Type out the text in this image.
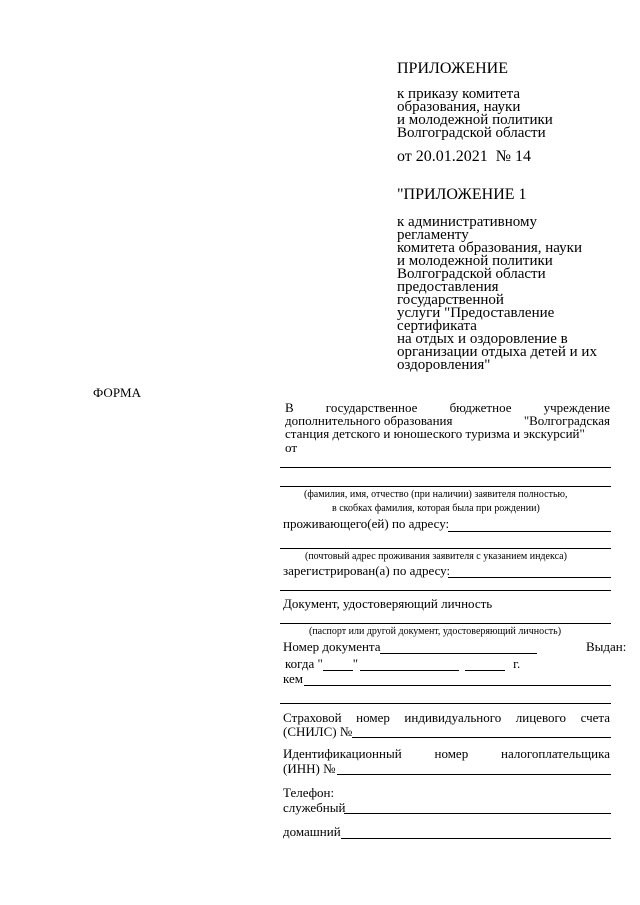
ПРИЛОЖЕНИЕ
к приказу комитета
образования, науки
и молодежной политики
Волгоградской области
от 20.01.2021  № 14
"ПРИЛОЖЕНИЕ 1
к административному
регламенту
комитета образования, науки
и молодежной политики
Волгоградской области
предоставления
государственной
услуги "Предоставление
сертификата
на отдых и оздоровление в
организации отдыха детей и их
оздоровления"
ФОРМА
В государственное бюджетное учреждение
дополнительного образования	"Волгоградская
станция детского и юношеского туризма и экскурсий"
от
(фамилия, имя, отчество (при наличии) заявителя полностью,
в скобках фамилия, которая была при рождении)
проживающего(ей) по адресу:
(почтовый адрес проживания заявителя с указанием индекса)
зарегистрирован(а) по адресу:
Документ, удостоверяющий личность
(паспорт или другой документ, удостоверяющий личность)
Номер документа	Выдан:
когда " "	г.
кем
Страховой номер индивидуального лицевого счета
(СНИЛС) №
Идентификационный номер налогоплательщика
(ИНН) №
Телефон:
служебный
домашний
